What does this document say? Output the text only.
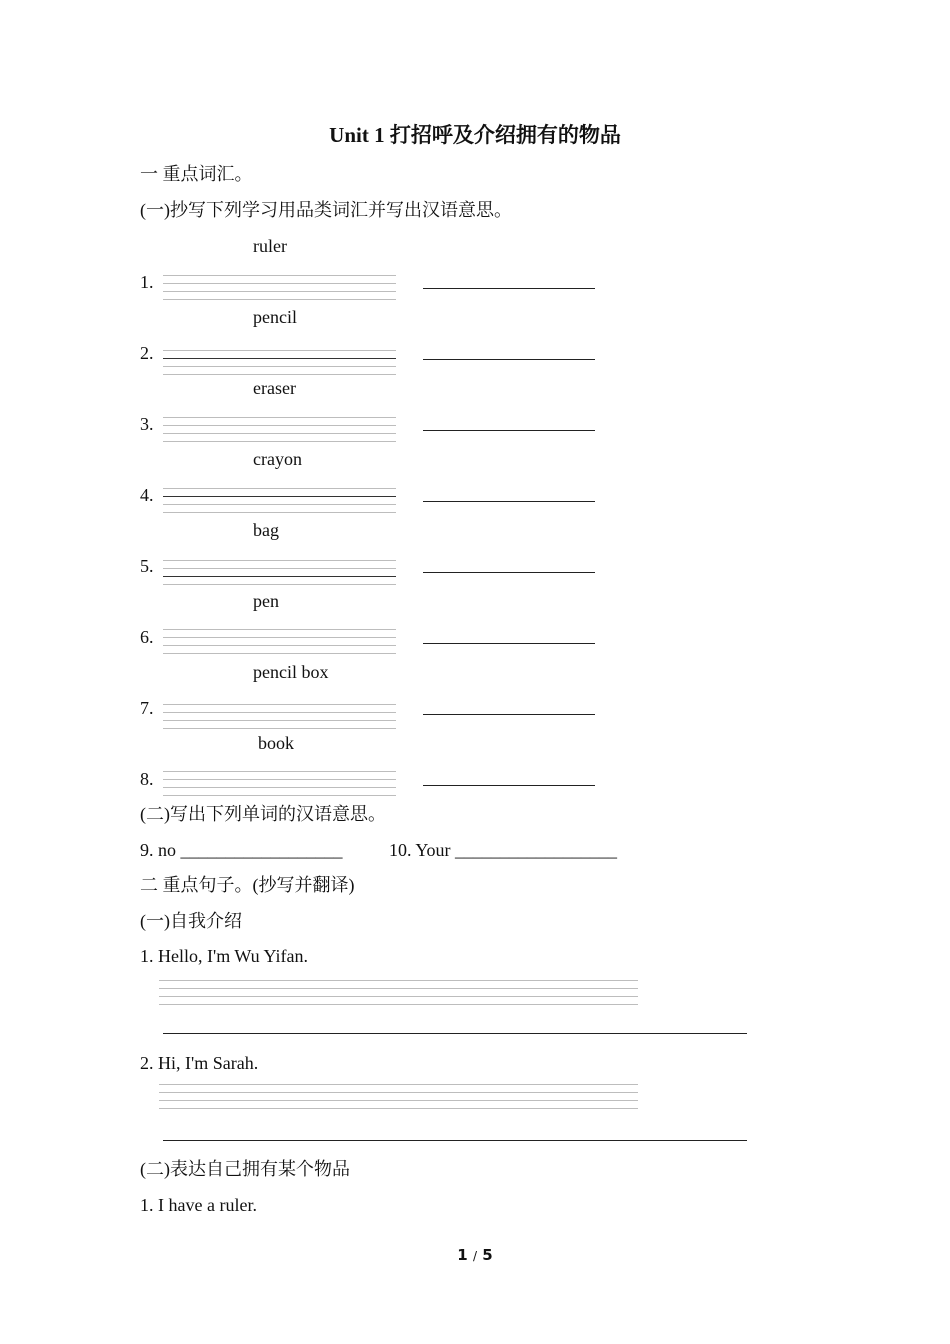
Unit 1 打招呼及介绍拥有的物品
一 重点词汇。
(一)抄写下列学习用品类词汇并写出汉语意思。
ruler
1.
pencil
2.
eraser
3.
crayon
4.
bag
5.
pen
6.
pencil box
7.
book
8.
(二)写出下列单词的汉语意思。
9. no __________________	10. Your __________________
二 重点句子。(抄写并翻译)
(一)自我介绍
1. Hello, I'm Wu Yifan.
2. Hi, I'm Sarah.
(二)表达自己拥有某个物品
1. I have a ruler.
1 / 5
